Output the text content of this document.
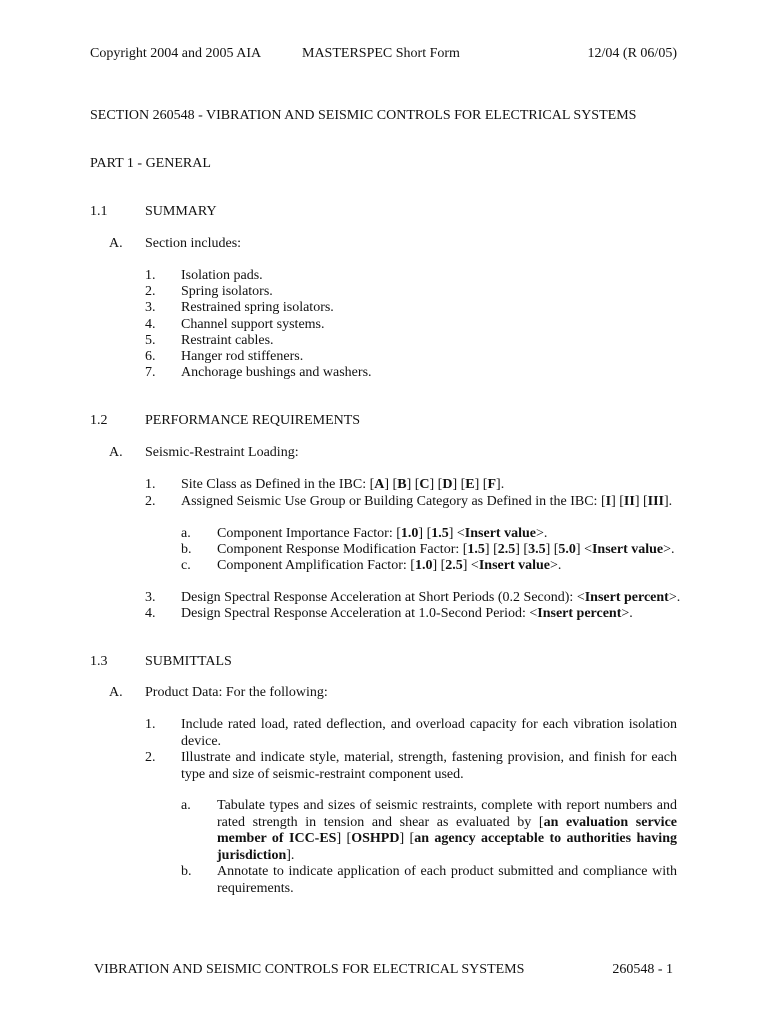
Copyright 2004 and 2005 AIA	MASTERSPEC Short Form	12/04 (R 06/05)
SECTION 260548 - VIBRATION AND SEISMIC CONTROLS FOR ELECTRICAL SYSTEMS
PART 1 - GENERAL
1.1	SUMMARY
A. Section includes:
1. Isolation pads.
2. Spring isolators.
3. Restrained spring isolators.
4. Channel support systems.
5. Restraint cables.
6. Hanger rod stiffeners.
7. Anchorage bushings and washers.
1.2	PERFORMANCE REQUIREMENTS
A. Seismic-Restraint Loading:
1. Site Class as Defined in the IBC: [A] [B] [C] [D] [E] [F].
2. Assigned Seismic Use Group or Building Category as Defined in the IBC: [I] [II] [III].
a. Component Importance Factor: [1.0] [1.5] <Insert value>.
b. Component Response Modification Factor: [1.5] [2.5] [3.5] [5.0] <Insert value>.
c. Component Amplification Factor: [1.0] [2.5] <Insert value>.
3. Design Spectral Response Acceleration at Short Periods (0.2 Second): <Insert percent>.
4. Design Spectral Response Acceleration at 1.0-Second Period: <Insert percent>.
1.3	SUBMITTALS
A. Product Data: For the following:
1. Include rated load, rated deflection, and overload capacity for each vibration isolation device.
2. Illustrate and indicate style, material, strength, fastening provision, and finish for each type and size of seismic-restraint component used.
a. Tabulate types and sizes of seismic restraints, complete with report numbers and rated strength in tension and shear as evaluated by [an evaluation service member of ICC-ES] [OSHPD] [an agency acceptable to authorities having jurisdiction].
b. Annotate to indicate application of each product submitted and compliance with requirements.
VIBRATION AND SEISMIC CONTROLS FOR ELECTRICAL SYSTEMS	260548 - 1
